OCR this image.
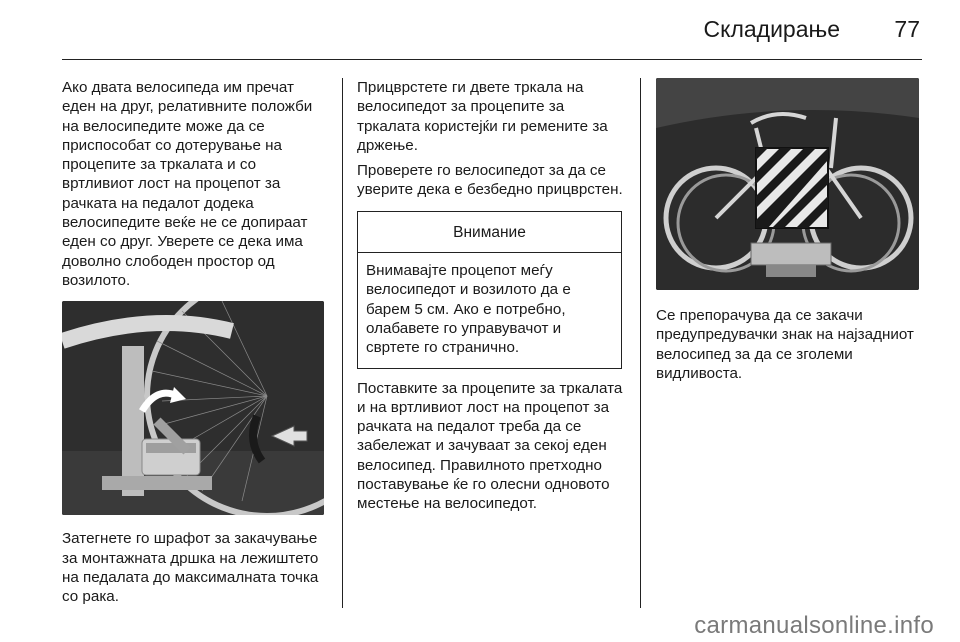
Складирање 77

Ако двата велосипеда им пречат еден на друг, релативните положби на велосипедите може да се приспособат со дотерување на процепите за тркалата и со вртливиот лост на процепот за рачката на педалот додека велосипедите веќе не се допираат еден со друг. Уверете се дека има доволно слободен простор од возилото.

Затегнете го шрафот за закачување за монтажната дршка на лежиштето на педалата до максималната точка со рака.

Прицврстете ги двете тркала на велосипедот за процепите за тркалата користејќи ги ремените за држење.

Проверете го велосипедот за да се уверите дека е безбедно прицврстен.

Внимание
Внимавајте процепот меѓу велосипедот и возилото да е барем 5 см. Ако е потребно, олабавете го управувачот и свртете го странично.

Поставките за процепите за тркалата и на вртливиот лост на процепот за рачката на педалот треба да се забележат и зачуваат за секој еден велосипед. Правилното претходно поставување ќе го олесни одновото местење на велосипедот.

Се препорачува да се закачи предупредувачки знак на најзадниот велосипед за да се зголеми видливоста.

carmanualsonline.info
